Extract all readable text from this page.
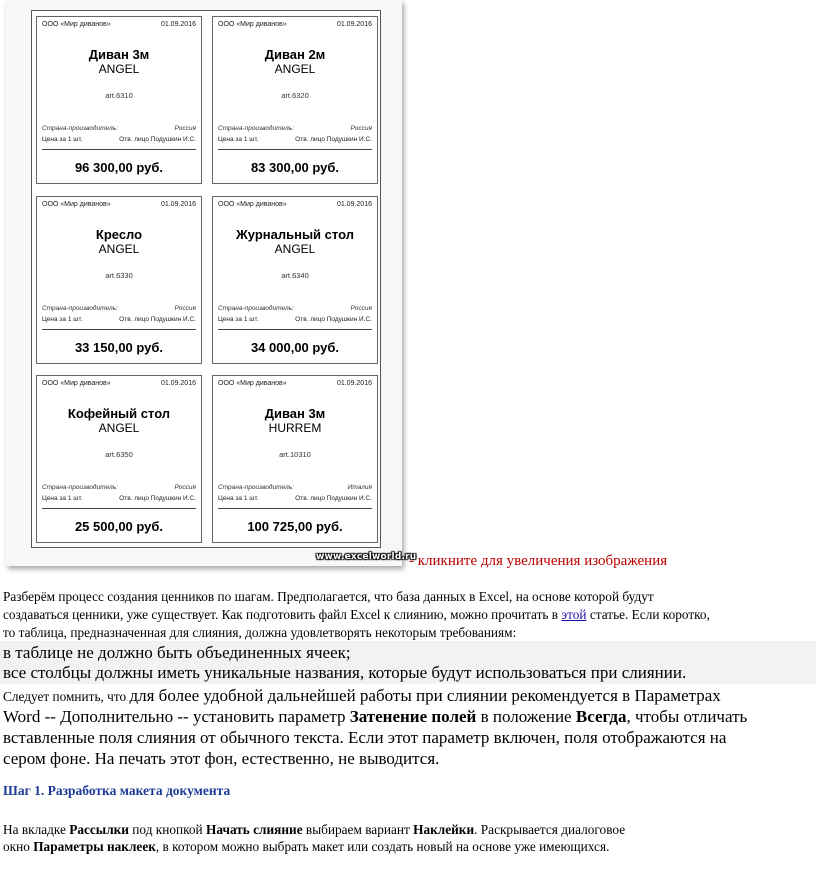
ООО «Мир диванов»	01.09.2016
Диван 3м
ANGEL
art.6310
Страна-производитель:	Россия
Цена за 1 шт.	Отв. лицо Подушкин И.С.
96 300,00 руб.
ООО «Мир диванов»	01.09.2016
Диван 2м
ANGEL
art.6320
Страна-производитель:	Россия
Цена за 1 шт.	Отв. лицо Подушкин И.С.
83 300,00 руб.
ООО «Мир диванов»	01.09.2016
Кресло
ANGEL
art.6330
Страна-производитель:	Россия
Цена за 1 шт.	Отв. лицо Подушкин И.С.
33 150,00 руб.
ООО «Мир диванов»	01.09.2016
Журнальный стол
ANGEL
art.6340
Страна-производитель:	Россия
Цена за 1 шт.	Отв. лицо Подушкин И.С.
34 000,00 руб.
ООО «Мир диванов»	01.09.2016
Кофейный стол
ANGEL
art.6350
Страна-производитель:	Россия
Цена за 1 шт.	Отв. лицо Подушкин И.С.
25 500,00 руб.
ООО «Мир диванов»	01.09.2016
Диван 3м
HURREM
art.10310
Страна-производитель:	Италия
Цена за 1 шт.	Отв. лицо Подушкин И.С.
100 725,00 руб.
www.excelworld.ru
- кликните для увеличения изображения
Разберём процесс создания ценников по шагам. Предполагается, что база данных в Excel, на основе которой будут
создаваться ценники, уже существует. Как подготовить файл Excel к слиянию, можно прочитать в этой статье. Если коротко,
то таблица, предназначенная для слияния, должна удовлетворять некоторым требованиям:
в таблице не должно быть объединенных ячеек;
все столбцы должны иметь уникальные названия, которые будут использоваться при слиянии.
Следует помнить, что для более удобной дальнейшей работы при слиянии рекомендуется в Параметрах
Word -- Дополнительно -- установить параметр Затенение полей в положение Всегда, чтобы отличать
вставленные поля слияния от обычного текста. Если этот параметр включен, поля отображаются на
сером фоне. На печать этот фон, естественно, не выводится.
Шаг 1. Разработка макета документа
На вкладке Рассылки под кнопкой Начать слияние выбираем вариант Наклейки. Раскрывается диалоговое
окно Параметры наклеек, в котором можно выбрать макет или создать новый на основе уже имеющихся.
